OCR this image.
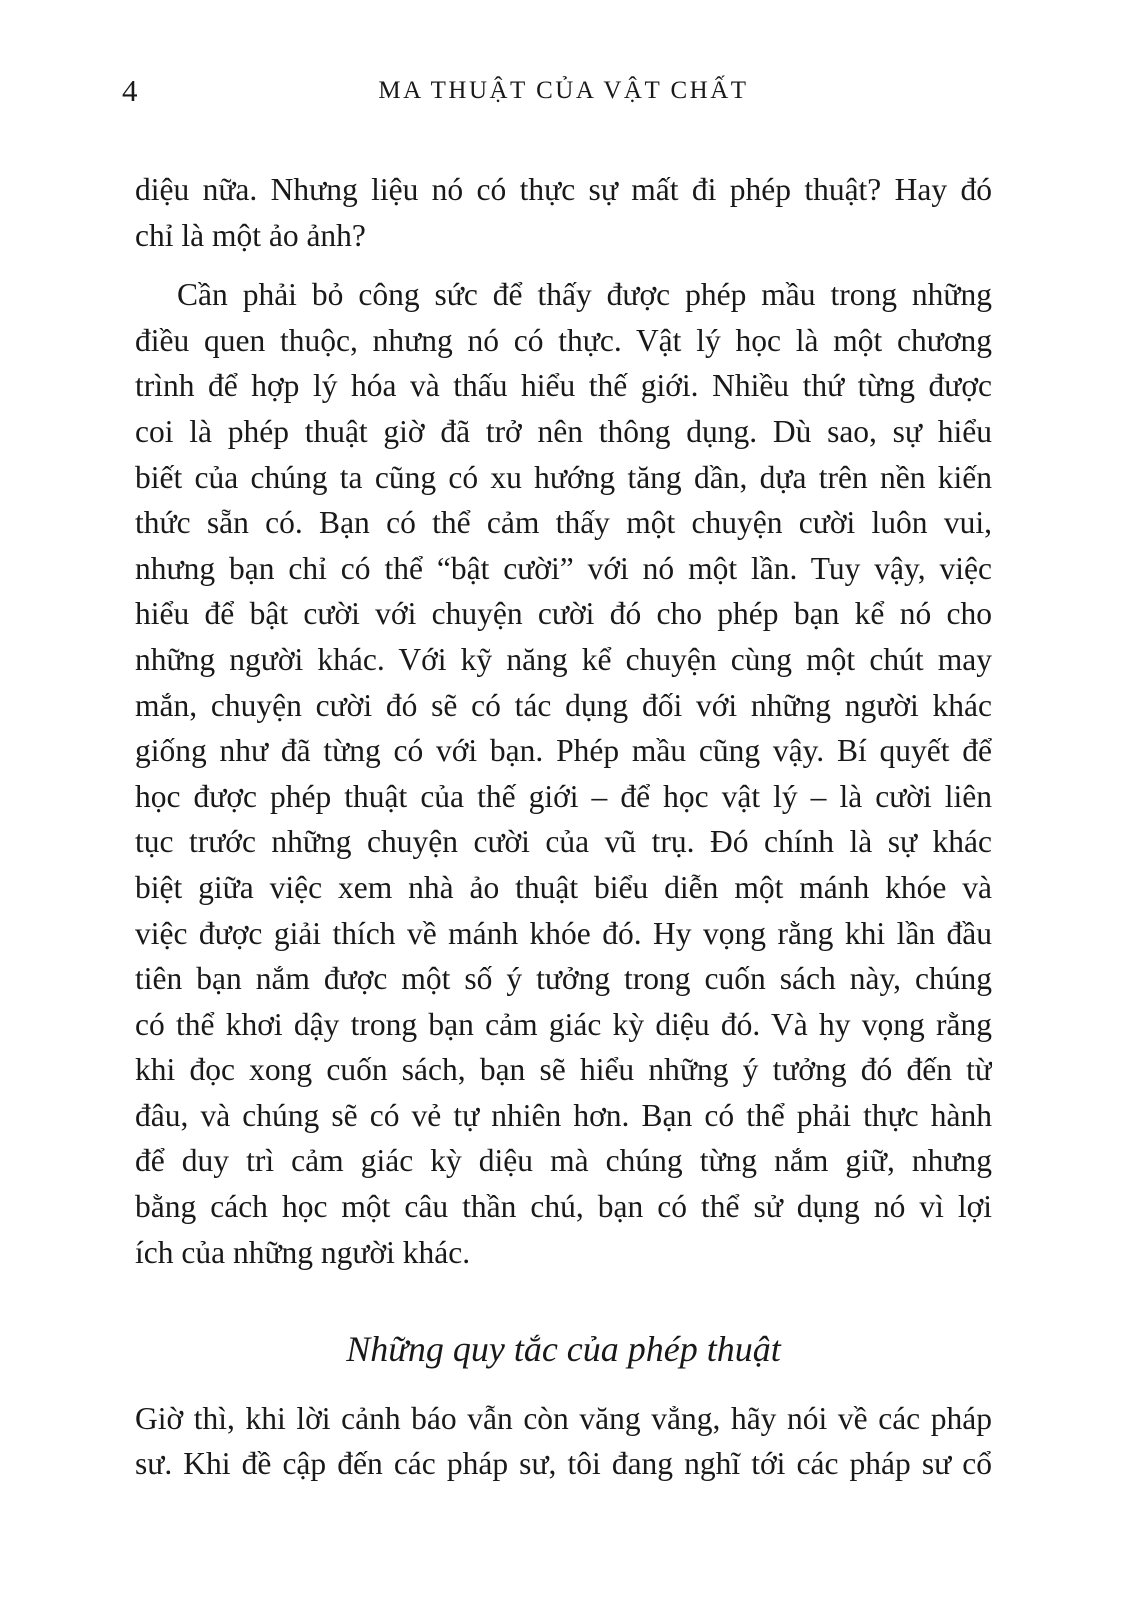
4	MA THUẬT CỦA VẬT CHẤT

diệu nữa. Nhưng liệu nó có thực sự mất đi phép thuật? Hay đó
chỉ là một ảo ảnh?

Cần phải bỏ công sức để thấy được phép mầu trong những
điều quen thuộc, nhưng nó có thực. Vật lý học là một chương
trình để hợp lý hóa và thấu hiểu thế giới. Nhiều thứ từng được
coi là phép thuật giờ đã trở nên thông dụng. Dù sao, sự hiểu
biết của chúng ta cũng có xu hướng tăng dần, dựa trên nền kiến
thức sẵn có. Bạn có thể cảm thấy một chuyện cười luôn vui,
nhưng bạn chỉ có thể “bật cười” với nó một lần. Tuy vậy, việc
hiểu để bật cười với chuyện cười đó cho phép bạn kể nó cho
những người khác. Với kỹ năng kể chuyện cùng một chút may
mắn, chuyện cười đó sẽ có tác dụng đối với những người khác
giống như đã từng có với bạn. Phép mầu cũng vậy. Bí quyết để
học được phép thuật của thế giới – để học vật lý – là cười liên
tục trước những chuyện cười của vũ trụ. Đó chính là sự khác
biệt giữa việc xem nhà ảo thuật biểu diễn một mánh khóe và
việc được giải thích về mánh khóe đó. Hy vọng rằng khi lần đầu
tiên bạn nắm được một số ý tưởng trong cuốn sách này, chúng
có thể khơi dậy trong bạn cảm giác kỳ diệu đó. Và hy vọng rằng
khi đọc xong cuốn sách, bạn sẽ hiểu những ý tưởng đó đến từ
đâu, và chúng sẽ có vẻ tự nhiên hơn. Bạn có thể phải thực hành
để duy trì cảm giác kỳ diệu mà chúng từng nắm giữ, nhưng
bằng cách học một câu thần chú, bạn có thể sử dụng nó vì lợi
ích của những người khác.

Những quy tắc của phép thuật

Giờ thì, khi lời cảnh báo vẫn còn văng vẳng, hãy nói về các pháp
sư. Khi đề cập đến các pháp sư, tôi đang nghĩ tới các pháp sư cổ
